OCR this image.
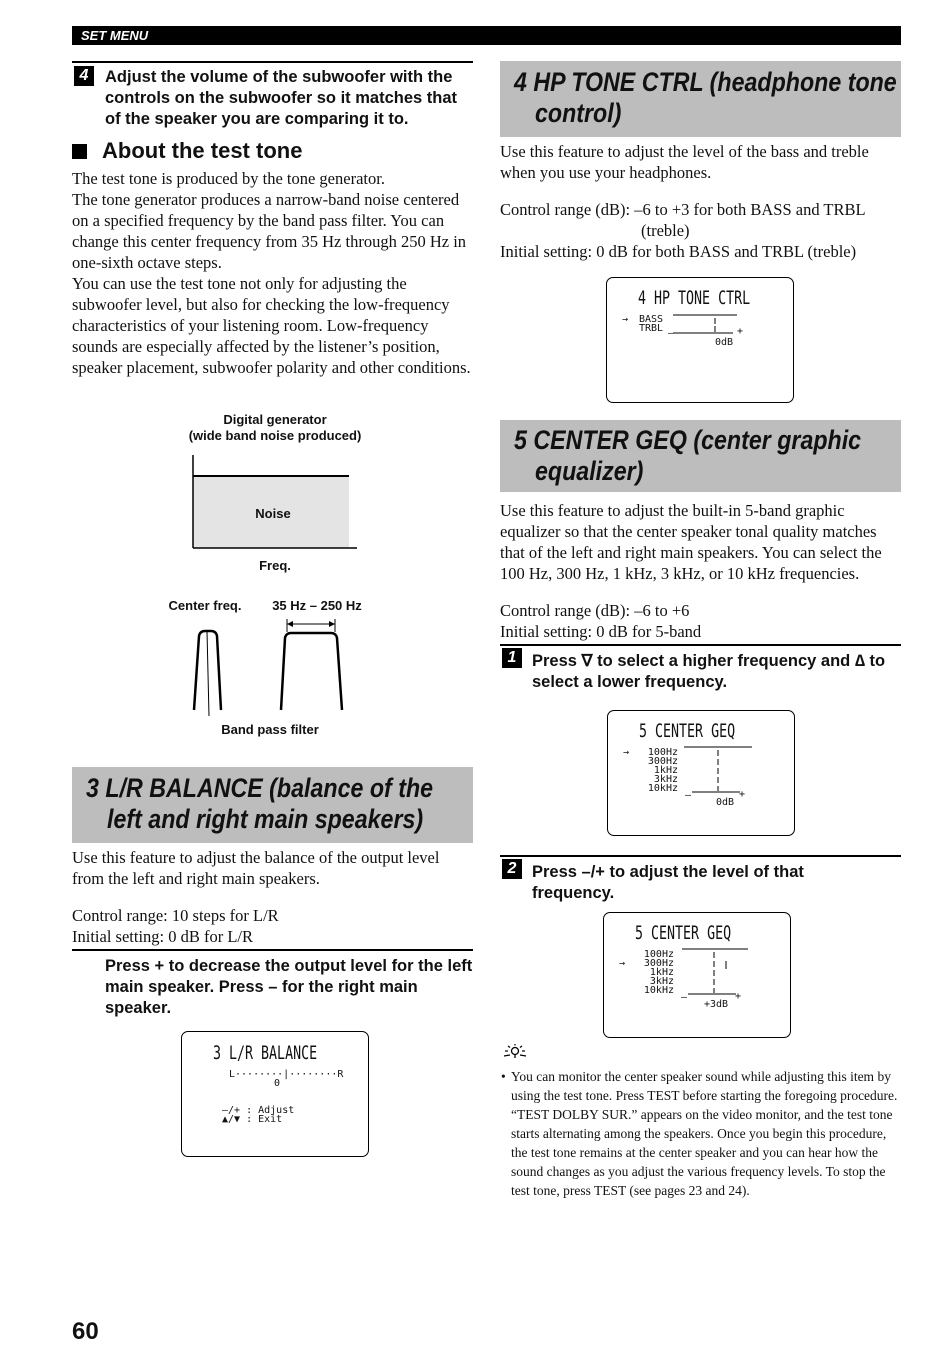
SET MENU
4	Adjust the volume of the subwoofer with the controls on the subwoofer so it matches that of the speaker you are comparing it to.
About the test tone

The test tone is produced by the tone generator.

The tone generator produces a narrow-band noise centered on a specified frequency by the band pass filter. You can change this center frequency from 35 Hz through 250 Hz in one-sixth octave steps.

You can use the test tone not only for adjusting the subwoofer level, but also for checking the low-frequency characteristics of your listening room. Low-frequency sounds are especially affected by the listener’s position, speaker placement, subwoofer polarity and other conditions.

Digital generator
(wide band noise produced)
Noise
Freq.
Center freq.	35 Hz – 250 Hz
Band pass filter
3 L/R BALANCE (balance of the
left and right main speakers)
Use this feature to adjust the balance of the output level from the left and right main speakers.
Control range: 10 steps for L/R
Initial setting: 0 dB for L/R
Press + to decrease the output level for the left main speaker. Press – for the right main speaker.
3 L/R BALANCE
L········|········R
0
–/+ : Adjust
▲/▼ : Exit
4 HP TONE CTRL (headphone tone
control)
Use this feature to adjust the level of the bass and treble when you use your headphones.
Control range (dB): –6 to +3 for both BASS and TRBL
(treble)
Initial setting: 0 dB for both BASS and TRBL (treble)
4 HP TONE CTRL
→ BASS
TRBL –	+
0dB
5 CENTER GEQ (center graphic
equalizer)
Use this feature to adjust the built-in 5-band graphic equalizer so that the center speaker tonal quality matches that of the left and right main speakers. You can select the 100 Hz, 300 Hz, 1 kHz, 3 kHz, or 10 kHz frequencies.
Control range (dB): –6 to +6
Initial setting: 0 dB for 5-band
1 Press ∇ to select a higher frequency and ∆ to select a lower frequency.
5 CENTER GEQ
→	100Hz
300Hz
1kHz
3kHz
10kHz
–	+
0dB
2 Press –/+ to adjust the level of that frequency.
5 CENTER GEQ
→
100Hz
300Hz
1kHz
3kHz
10kHz
–	+
+3dB
• You can monitor the center speaker sound while adjusting this item by using the test tone. Press TEST before starting the foregoing procedure. “TEST DOLBY SUR.” appears on the video monitor, and the test tone starts alternating among the speakers. Once you begin this procedure, the test tone remains at the center speaker and you can hear how the sound changes as you adjust the various frequency levels. To stop the test tone, press TEST (see pages 23 and 24).
60
